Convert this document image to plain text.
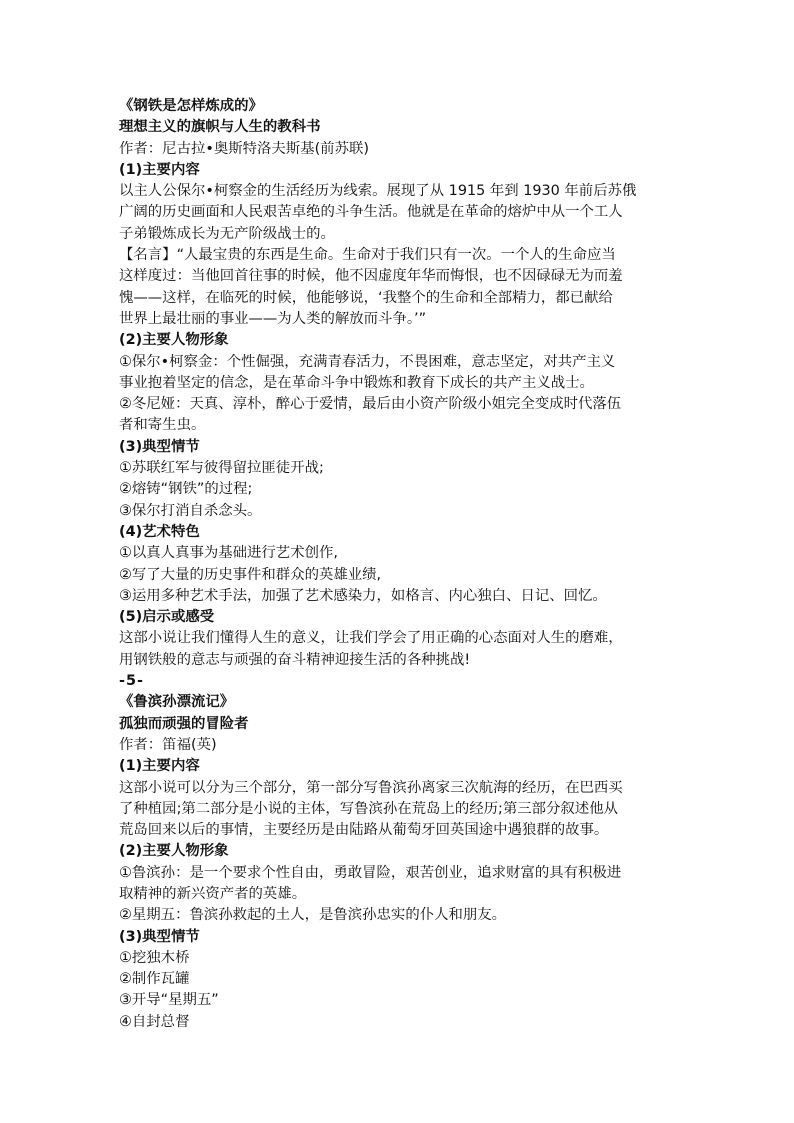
《钢铁是怎样炼成的》
理想主义的旗帜与人生的教科书
作者：尼古拉•奥斯特洛夫斯基(前苏联)
(1)主要内容
以主人公保尔•柯察金的生活经历为线索。展现了从 1915 年到 1930 年前后苏俄
广阔的历史画面和人民艰苦卓绝的斗争生活。他就是在革命的熔炉中从一个工人
子弟锻炼成长为无产阶级战士的。
【名言】“人最宝贵的东西是生命。生命对于我们只有一次。一个人的生命应当
这样度过：当他回首往事的时候，他不因虚度年华而悔恨，也不因碌碌无为而羞
愧——这样，在临死的时候，他能够说，‘我整个的生命和全部精力，都已献给
世界上最壮丽的事业——为人类的解放而斗争。’”
(2)主要人物形象
①保尔•柯察金：个性倔强，充满青春活力，不畏困难，意志坚定，对共产主义
事业抱着坚定的信念，是在革命斗争中锻炼和教育下成长的共产主义战士。
②冬尼娅：天真、淳朴，醉心于爱情，最后由小资产阶级小姐完全变成时代落伍
者和寄生虫。
(3)典型情节
①苏联红军与彼得留拉匪徒开战;
②熔铸“钢铁”的过程;
③保尔打消自杀念头。
(4)艺术特色
①以真人真事为基础进行艺术创作,
②写了大量的历史事件和群众的英雄业绩,
③运用多种艺术手法，加强了艺术感染力，如格言、内心独白、日记、回忆。
(5)启示或感受
这部小说让我们懂得人生的意义，让我们学会了用正确的心态面对人生的磨难，
用钢铁般的意志与顽强的奋斗精神迎接生活的各种挑战!
-5-
《鲁滨孙漂流记》
孤独而顽强的冒险者
作者：笛福(英)
(1)主要内容
这部小说可以分为三个部分，第一部分写鲁滨孙离家三次航海的经历，在巴西买
了种植园;第二部分是小说的主体，写鲁滨孙在荒岛上的经历;第三部分叙述他从
荒岛回来以后的事情，主要经历是由陆路从葡萄牙回英国途中遇狼群的故事。
(2)主要人物形象
①鲁滨孙：是一个要求个性自由，勇敢冒险，艰苦创业，追求财富的具有积极进
取精神的新兴资产者的英雄。
②星期五：鲁滨孙救起的土人，是鲁滨孙忠实的仆人和朋友。
(3)典型情节
①挖独木桥
②制作瓦罐
③开导“星期五”
④自封总督
